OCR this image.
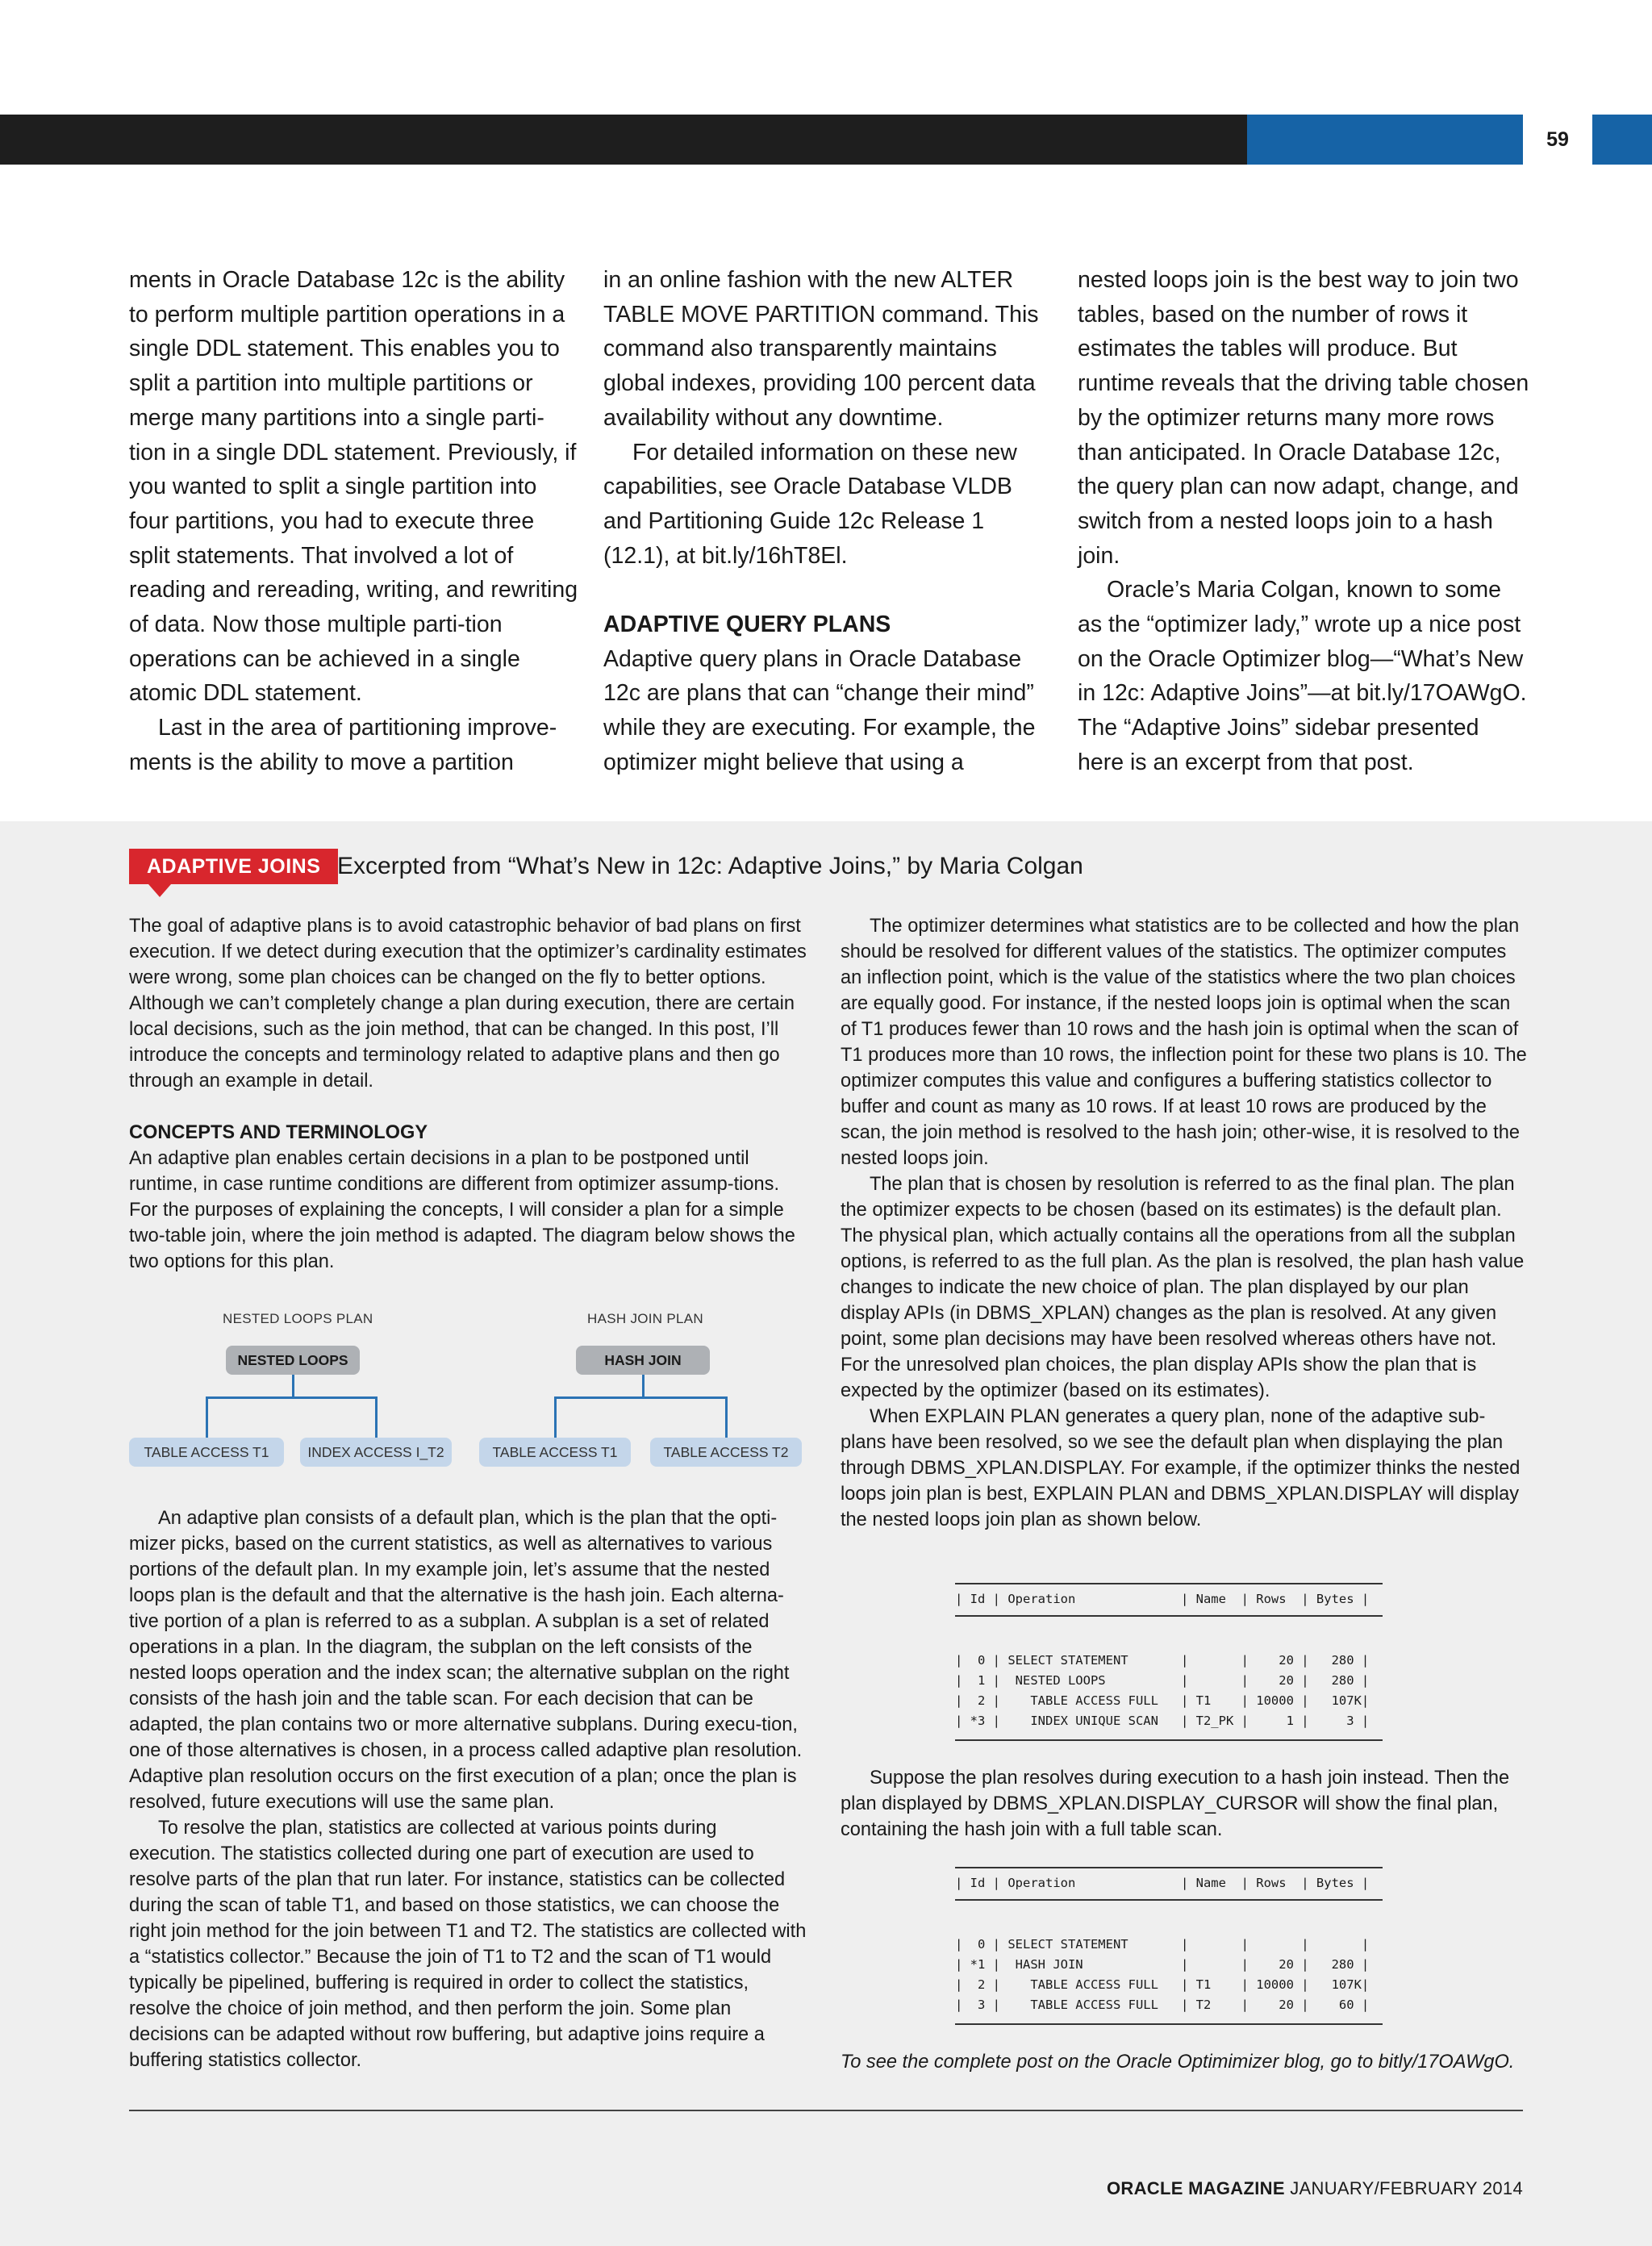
59

ments in Oracle Database 12c is the ability to perform multiple partition operations in a single DDL statement. This enables you to split a partition into multiple partitions or merge many partitions into a single parti-tion in a single DDL statement. Previously, if you wanted to split a single partition into four partitions, you had to execute three split statements. That involved a lot of reading and rereading, writing, and rewriting of data. Now those multiple parti-tion operations can be achieved in a single atomic DDL statement.

Last in the area of partitioning improve-ments is the ability to move a partition

in an online fashion with the new ALTER TABLE MOVE PARTITION command. This command also transparently maintains global indexes, providing 100 percent data availability without any downtime.

For detailed information on these new capabilities, see Oracle Database VLDB and Partitioning Guide 12c Release 1 (12.1), at bit.ly/16hT8El.

ADAPTIVE QUERY PLANS

Adaptive query plans in Oracle Database 12c are plans that can “change their mind” while they are executing. For example, the optimizer might believe that using a

nested loops join is the best way to join two tables, based on the number of rows it estimates the tables will produce. But runtime reveals that the driving table chosen by the optimizer returns many more rows than anticipated. In Oracle Database 12c, the query plan can now adapt, change, and switch from a nested loops join to a hash join.

Oracle’s Maria Colgan, known to some as the “optimizer lady,” wrote up a nice post on the Oracle Optimizer blog—“What’s New in 12c: Adaptive Joins”—at bit.ly/17OAWgO. The “Adaptive Joins” sidebar presented here is an excerpt from that post.

ADAPTIVE JOINS Excerpted from “What’s New in 12c: Adaptive Joins,” by Maria Colgan

The goal of adaptive plans is to avoid catastrophic behavior of bad plans on first execution. If we detect during execution that the optimizer’s cardinality estimates were wrong, some plan choices can be changed on the fly to better options. Although we can’t completely change a plan during execution, there are certain local decisions, such as the join method, that can be changed. In this post, I’ll introduce the concepts and terminology related to adaptive plans and then go through an example in detail.

CONCEPTS AND TERMINOLOGY

An adaptive plan enables certain decisions in a plan to be postponed until runtime, in case runtime conditions are different from optimizer assump-tions. For the purposes of explaining the concepts, I will consider a plan for a simple two-table join, where the join method is adapted. The diagram below shows the two options for this plan.

NESTED LOOPS PLAN	HASH JOIN PLAN
NESTED LOOPS	HASH JOIN
TABLE ACCESS T1	INDEX ACCESS I_T2	TABLE ACCESS T1	TABLE ACCESS T2

An adaptive plan consists of a default plan, which is the plan that the opti-mizer picks, based on the current statistics, as well as alternatives to various portions of the default plan. In my example join, let’s assume that the nested loops plan is the default and that the alternative is the hash join. Each alterna-tive portion of a plan is referred to as a subplan. A subplan is a set of related operations in a plan. In the diagram, the subplan on the left consists of the nested loops operation and the index scan; the alternative subplan on the right consists of the hash join and the table scan. For each decision that can be adapted, the plan contains two or more alternative subplans. During execu-tion, one of those alternatives is chosen, in a process called adaptive plan resolution. Adaptive plan resolution occurs on the first execution of a plan; once the plan is resolved, future executions will use the same plan.

To resolve the plan, statistics are collected at various points during execution. The statistics collected during one part of execution are used to resolve parts of the plan that run later. For instance, statistics can be collected during the scan of table T1, and based on those statistics, we can choose the right join method for the join between T1 and T2. The statistics are collected with a “statistics collector.” Because the join of T1 to T2 and the scan of T1 would typically be pipelined, buffering is required in order to collect the statistics, resolve the choice of join method, and then perform the join. Some plan decisions can be adapted without row buffering, but adaptive joins require a buffering statistics collector.

The optimizer determines what statistics are to be collected and how the plan should be resolved for different values of the statistics. The optimizer computes an inflection point, which is the value of the statistics where the two plan choices are equally good. For instance, if the nested loops join is optimal when the scan of T1 produces fewer than 10 rows and the hash join is optimal when the scan of T1 produces more than 10 rows, the inflection point for these two plans is 10. The optimizer computes this value and configures a buffering statistics collector to buffer and count as many as 10 rows. If at least 10 rows are produced by the scan, the join method is resolved to the hash join; other-wise, it is resolved to the nested loops join.

The plan that is chosen by resolution is referred to as the final plan. The plan the optimizer expects to be chosen (based on its estimates) is the default plan. The physical plan, which actually contains all the operations from all the subplan options, is referred to as the full plan. As the plan is resolved, the plan hash value changes to indicate the new choice of plan. The plan displayed by our plan display APIs (in DBMS_XPLAN) changes as the plan is resolved. At any given point, some plan decisions may have been resolved whereas others have not. For the unresolved plan choices, the plan display APIs show the plan that is expected by the optimizer (based on its estimates).

When EXPLAIN PLAN generates a query plan, none of the adaptive sub-plans have been resolved, so we see the default plan when displaying the plan through DBMS_XPLAN.DISPLAY. For example, if the optimizer thinks the nested loops join plan is best, EXPLAIN PLAN and DBMS_XPLAN.DISPLAY will display the nested loops join plan as shown below.

| Id | Operation              | Name  | Rows  | Bytes |
|  0 | SELECT STATEMENT       |       |    20 |   280 |
|  1 |  NESTED LOOPS          |       |    20 |   280 |
|  2 |    TABLE ACCESS FULL   | T1    | 10000 |   107K|
| *3 |    INDEX UNIQUE SCAN   | T2_PK |     1 |     3 |

Suppose the plan resolves during execution to a hash join instead. Then the plan displayed by DBMS_XPLAN.DISPLAY_CURSOR will show the final plan, containing the hash join with a full table scan.

| Id | Operation              | Name  | Rows  | Bytes |
|  0 | SELECT STATEMENT       |       |       |       |
| *1 |  HASH JOIN             |       |    20 |   280 |
|  2 |    TABLE ACCESS FULL   | T1    | 10000 |   107K|
|  3 |    TABLE ACCESS FULL   | T2    |    20 |    60 |

To see the complete post on the Oracle Optimimizer blog, go to bitly/17OAWgO.

ORACLE MAGAZINE JANUARY/FEBRUARY 2014
